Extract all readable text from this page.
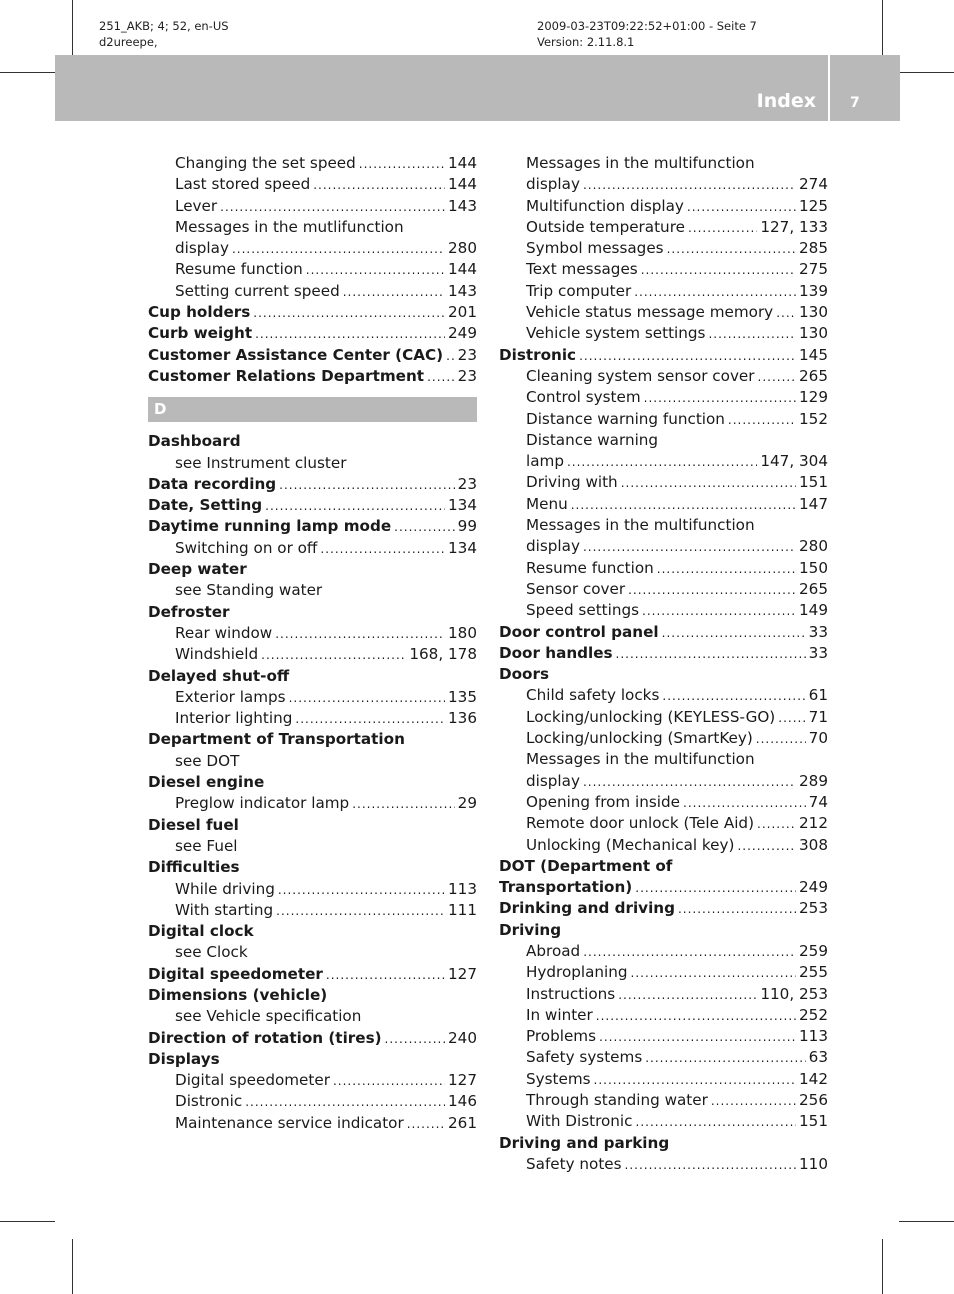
251_AKB; 4; 52, en-US
d2ureepe,
2009-03-23T09:22:52+01:00 - Seite 7
Version: 2.11.8.1
Index 7
Changing the set speed .....	144
Last stored speed .....	144
Lever .....	143
Messages in the mutlifunction
display .....	280
Resume function .....	144
Setting current speed .....	143
Cup holders .....	201
Curb weight .....	249
Customer Assistance Center (CAC) ..... 23
Customer Relations Department ..... 23
D
Dashboard
see Instrument cluster
Data recording .....	23
Date, Setting .....	134
Daytime running lamp mode .....	99
Switching on or off .....	134
Deep water
see Standing water
Defroster
Rear window .....	180
Windshield .....	168, 178
Delayed shut-off
Exterior lamps .....	135
Interior lighting .....	136
Department of Transportation
see DOT
Diesel engine
Preglow indicator lamp .....	29
Diesel fuel
see Fuel
Difficulties
While driving .....	113
With starting .....	111
Digital clock
see Clock
Digital speedometer .....	127
Dimensions (vehicle)
see Vehicle specification
Direction of rotation (tires) .....	240
Displays
Digital speedometer .....	127
Distronic .....	146
Maintenance service indicator .....	261
Messages in the multifunction
display .....	274
Multifunction display .....	125
Outside temperature .....	127, 133
Symbol messages .....	285
Text messages .....	275
Trip computer .....	139
Vehicle status message memory ..... 130
Vehicle system settings .....	130
Distronic .....	145
Cleaning system sensor cover .....	265
Control system .....	129
Distance warning function .....	152
Distance warning
lamp .....	147, 304
Driving with .....	151
Menu .....	147
Messages in the multifunction
display .....	280
Resume function .....	150
Sensor cover .....	265
Speed settings .....	149
Door control panel .....	33
Door handles .....	33
Doors
Child safety locks .....	61
Locking/unlocking (KEYLESS-GO) ..... 71
Locking/unlocking (SmartKey) .....	70
Messages in the multifunction
display .....	289
Opening from inside .....	74
Remote door unlock (Tele Aid) .....	212
Unlocking (Mechanical key) .....	308
DOT (Department of
Transportation) .....	249
Drinking and driving .....	253
Driving
Abroad .....	259
Hydroplaning .....	255
Instructions .....	110, 253
In winter .....	252
Problems .....	113
Safety systems .....	63
Systems .....	142
Through standing water .....	256
With Distronic .....	151
Driving and parking
Safety notes .....	110
